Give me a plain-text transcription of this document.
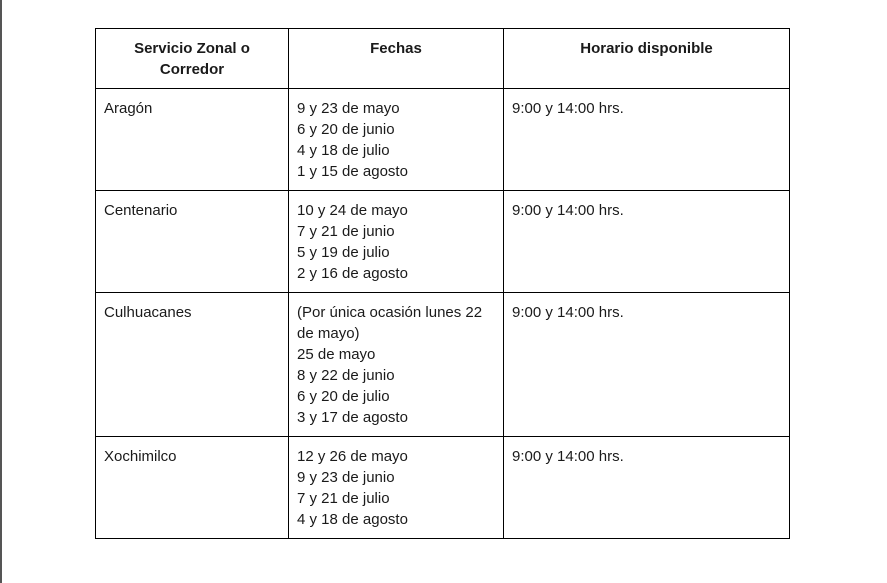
Servicio Zonal o Corredor	Fechas	Horario disponible
Aragón	9 y 23 de mayo
6 y 20 de junio
4 y 18 de julio
1 y 15 de agosto	9:00 y 14:00 hrs.
Centenario	10 y 24 de mayo
7 y 21 de junio
5 y 19 de julio
2 y 16 de agosto	9:00 y 14:00 hrs.
Culhuacanes	(Por única ocasión lunes 22 de mayo)
25 de mayo
8 y 22 de junio
6 y 20 de julio
3 y 17 de agosto	9:00 y 14:00 hrs.
Xochimilco	12 y 26 de mayo
9 y 23 de junio
7 y 21 de julio
4 y 18 de agosto	9:00 y 14:00 hrs.
